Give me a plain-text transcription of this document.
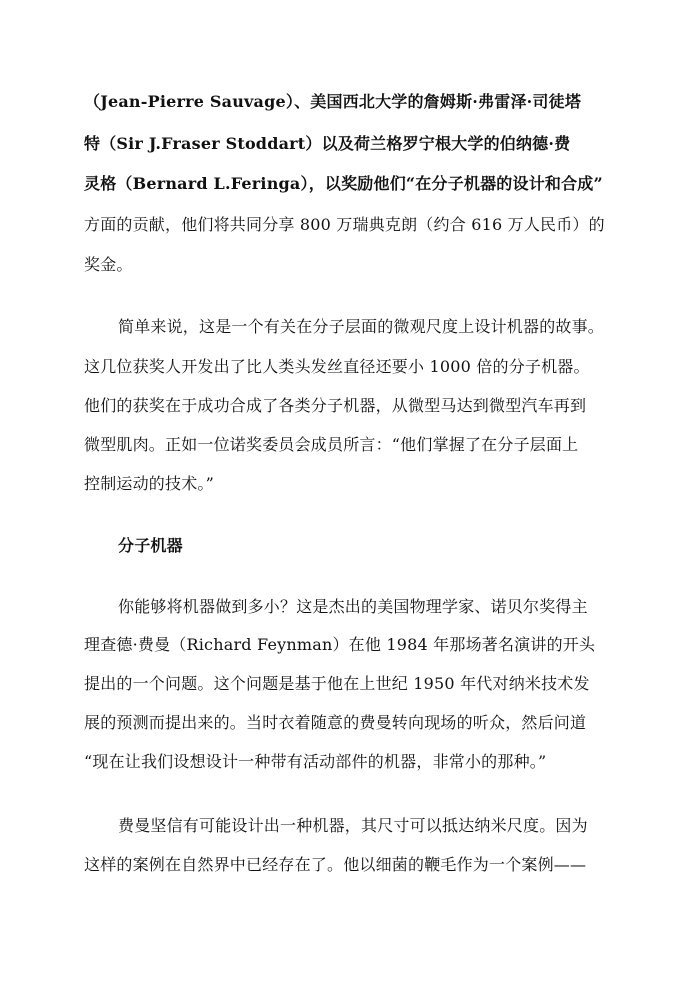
（Jean-Pierre Sauvage）、美国西北大学的詹姆斯·弗雷泽·司徒塔
特（Sir J.Fraser Stoddart）以及荷兰格罗宁根大学的伯纳德·费
灵格（Bernard L.Feringa），以奖励他们“在分子机器的设计和合成”
方面的贡献，他们将共同分享 800 万瑞典克朗（约合 616 万人民币）的
奖金。
简单来说，这是一个有关在分子层面的微观尺度上设计机器的故事。
这几位获奖人开发出了比人类头发丝直径还要小 1000 倍的分子机器。
他们的获奖在于成功合成了各类分子机器，从微型马达到微型汽车再到
微型肌肉。正如一位诺奖委员会成员所言：“他们掌握了在分子层面上
控制运动的技术。”
分子机器
你能够将机器做到多小？这是杰出的美国物理学家、诺贝尔奖得主
理查德·费曼（Richard Feynman）在他 1984 年那场著名演讲的开头
提出的一个问题。这个问题是基于他在上世纪 1950 年代对纳米技术发
展的预测而提出来的。当时衣着随意的费曼转向现场的听众，然后问道
“现在让我们设想设计一种带有活动部件的机器，非常小的那种。”
费曼坚信有可能设计出一种机器，其尺寸可以抵达纳米尺度。因为
这样的案例在自然界中已经存在了。他以细菌的鞭毛作为一个案例——
